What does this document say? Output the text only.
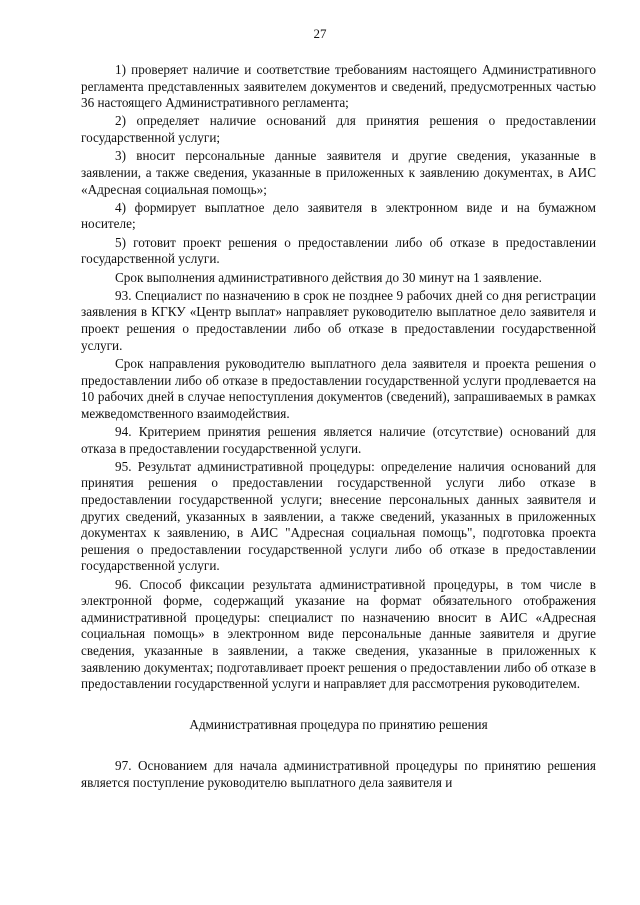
27

1) проверяет наличие и соответствие требованиям настоящего Административного регламента представленных заявителем документов и сведений, предусмотренных частью 36 настоящего Административного регламента;

2) определяет наличие оснований для принятия решения о предоставлении государственной услуги;

3) вносит персональные данные заявителя и другие сведения, указанные в заявлении, а также сведения, указанные в приложенных к заявлению документах, в АИС «Адресная социальная помощь»;

4) формирует выплатное дело заявителя в электронном виде и на бумажном носителе;

5) готовит проект решения о предоставлении либо об отказе в предоставлении государственной услуги.

Срок выполнения административного действия до 30 минут на 1 заявление.

93. Специалист по назначению в срок не позднее 9 рабочих дней со дня регистрации заявления в КГКУ «Центр выплат» направляет руководителю выплатное дело заявителя и проект решения о предоставлении либо об отказе в предоставлении государственной услуги.

Срок направления руководителю выплатного дела заявителя и проекта решения о предоставлении либо об отказе в предоставлении государственной услуги продлевается на 10 рабочих дней в случае непоступления документов (сведений), запрашиваемых в рамках межведомственного взаимодействия.

94. Критерием принятия решения является наличие (отсутствие) оснований для отказа в предоставлении государственной услуги.

95. Результат административной процедуры: определение наличия оснований для принятия решения о предоставлении государственной услуги либо отказе в предоставлении государственной услуги; внесение персональных данных заявителя и других сведений, указанных в заявлении, а также сведений, указанных в приложенных документах к заявлению, в АИС "Адресная социальная помощь", подготовка проекта решения о предоставлении государственной услуги либо об отказе в предоставлении государственной услуги.

96. Способ фиксации результата административной процедуры, в том числе в электронной форме, содержащий указание на формат обязательного отображения административной процедуры: специалист по назначению вносит в АИС «Адресная социальная помощь» в электронном виде персональные данные заявителя и другие сведения, указанные в заявлении, а также сведения, указанные в приложенных к заявлению документах; подготавливает проект решения о предоставлении либо об отказе в предоставлении государственной услуги и направляет для рассмотрения руководителем.

Административная процедура по принятию решения

97. Основанием для начала административной процедуры по принятию решения является поступление руководителю выплатного дела заявителя и
